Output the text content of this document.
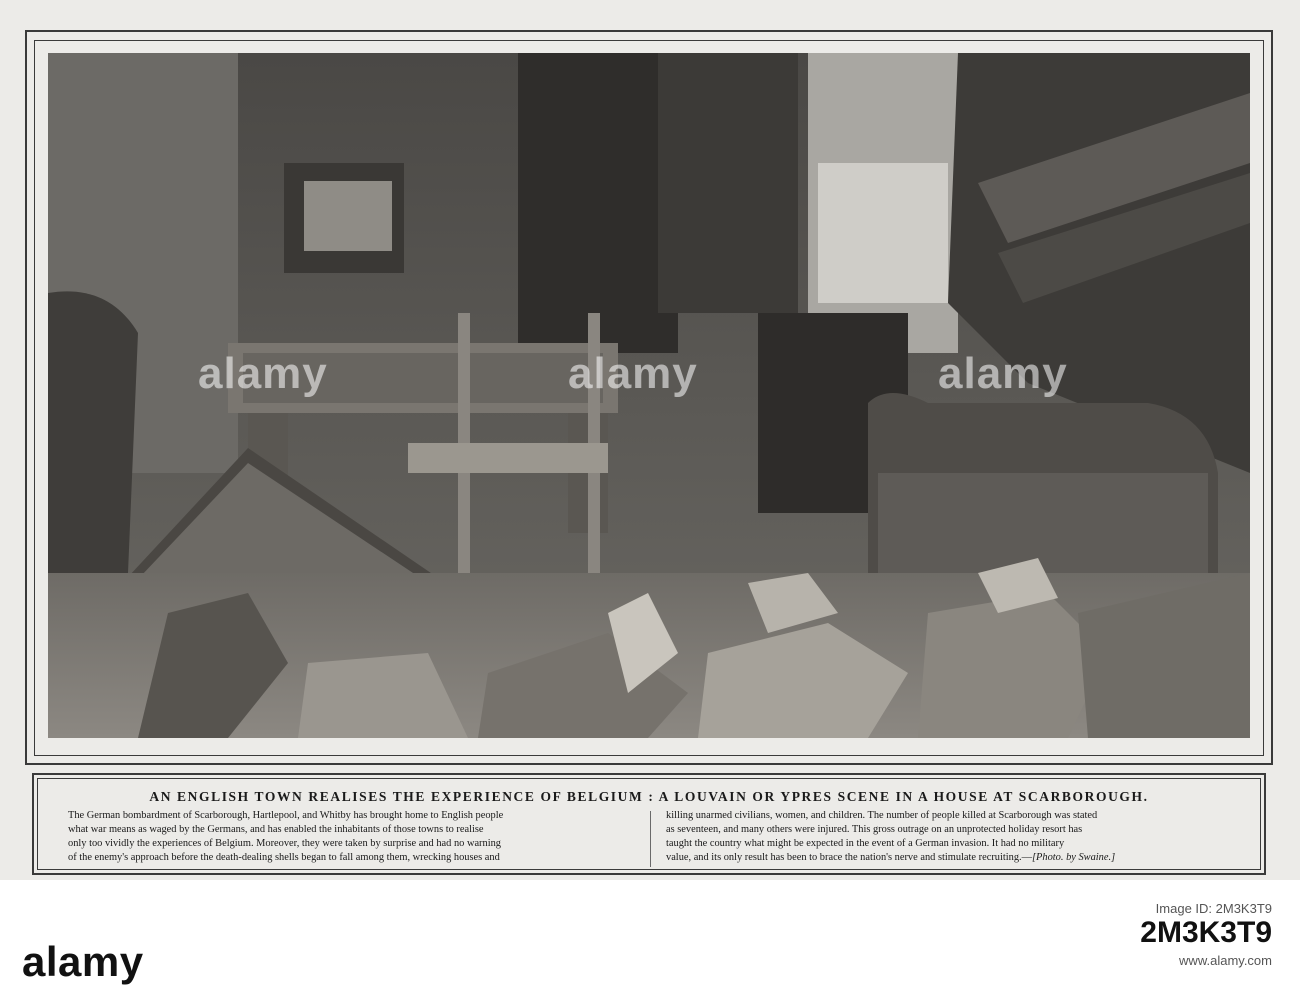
alamy	alamy	alamy
AN ENGLISH TOWN REALISES THE EXPERIENCE OF BELGIUM : A LOUVAIN OR YPRES SCENE IN A HOUSE AT SCARBOROUGH.

The German bombardment of Scarborough, Hartlepool, and Whitby has brought home to English people

what war means as waged by the Germans, and has enabled the inhabitants of those towns to realise

only too vividly the experiences of Belgium. Moreover, they were taken by surprise and had no warning

of the enemy's approach before the death-dealing shells began to fall among them, wrecking houses and

killing unarmed civilians, women, and children. The number of people killed at Scarborough was stated

as seventeen, and many others were injured. This gross outrage on an unprotected holiday resort has

taught the country what might be expected in the event of a German invasion. It had no military

value, and its only result has been to brace the nation's nerve and stimulate recruiting.—[Photo. by Swaine.]

alamy
Image ID: 2M3K3T9
2M3K3T9
www.alamy.com
